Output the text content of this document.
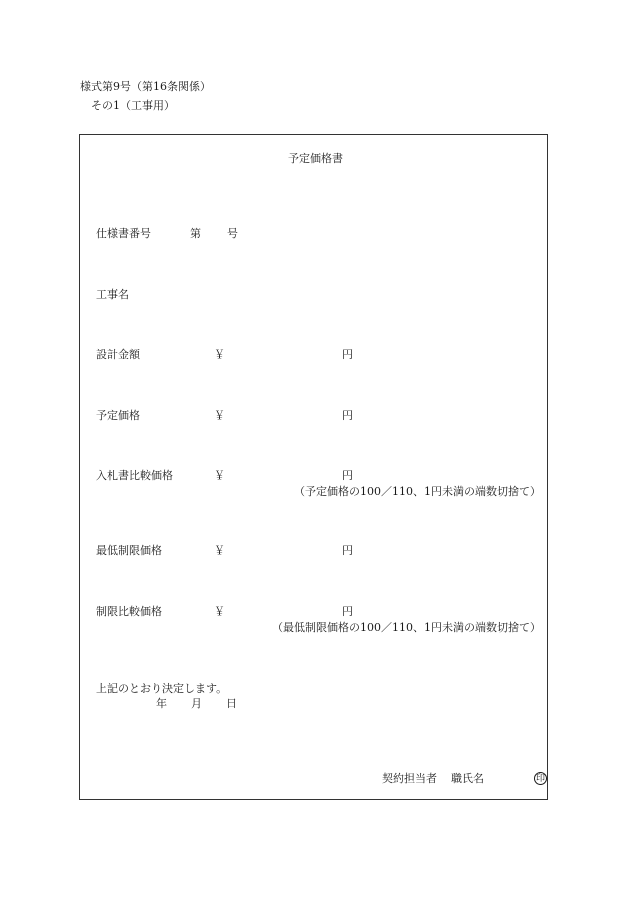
様式第9号（第16条関係）
その1（工事用）
予定価格書
仕様書番号	第 号
工事名
設計金額	￥	円
予定価格	￥	円
入札書比較価格	￥	円
（予定価格の100／110、1円未満の端数切捨て）
最低制限価格	￥	円
制限比較価格	￥	円
（最低制限価格の100／110、1円未満の端数切捨て）
上記のとおり決定します。
年 月 日
契約担当者 職氏名	印
